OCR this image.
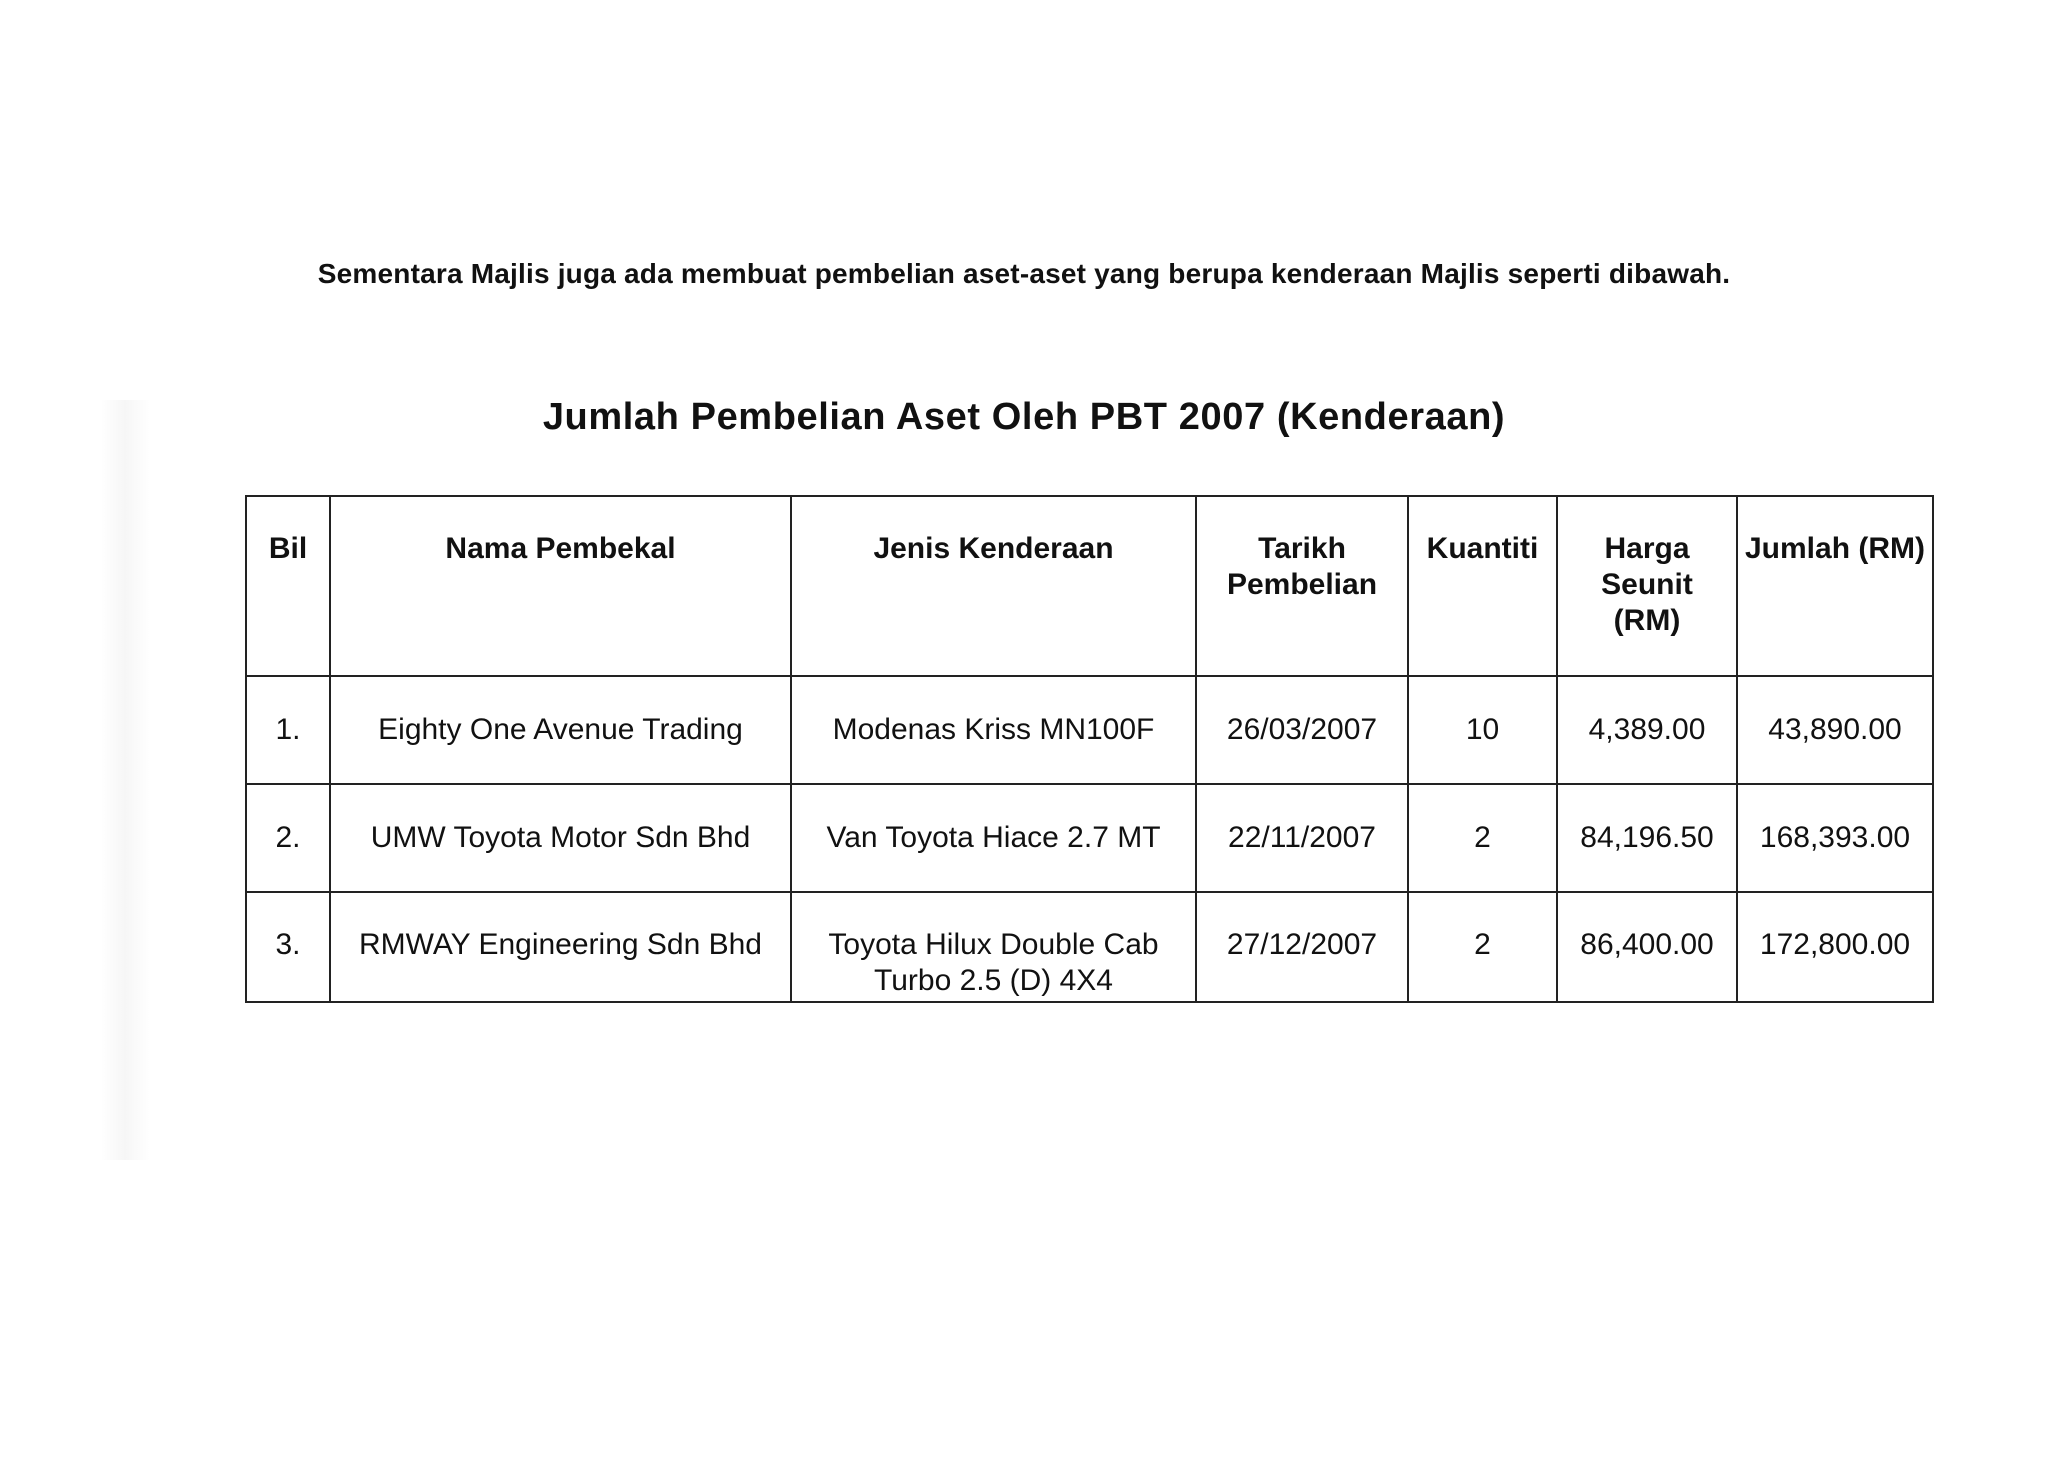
Sementara Majlis juga ada membuat pembelian aset-aset yang berupa kenderaan Majlis seperti dibawah.
Jumlah Pembelian Aset Oleh PBT 2007 (Kenderaan)
Bil	Nama Pembekal	Jenis Kenderaan	Tarikh Pembelian	Kuantiti	Harga Seunit (RM)	Jumlah (RM)
1.	Eighty One Avenue Trading	Modenas Kriss MN100F	26/03/2007	10	4,389.00	43,890.00
2.	UMW Toyota Motor Sdn Bhd	Van Toyota Hiace 2.7 MT	22/11/2007	2	84,196.50	168,393.00
3.	RMWAY Engineering Sdn Bhd	Toyota Hilux Double Cab Turbo 2.5 (D) 4X4	27/12/2007	2	86,400.00	172,800.00
